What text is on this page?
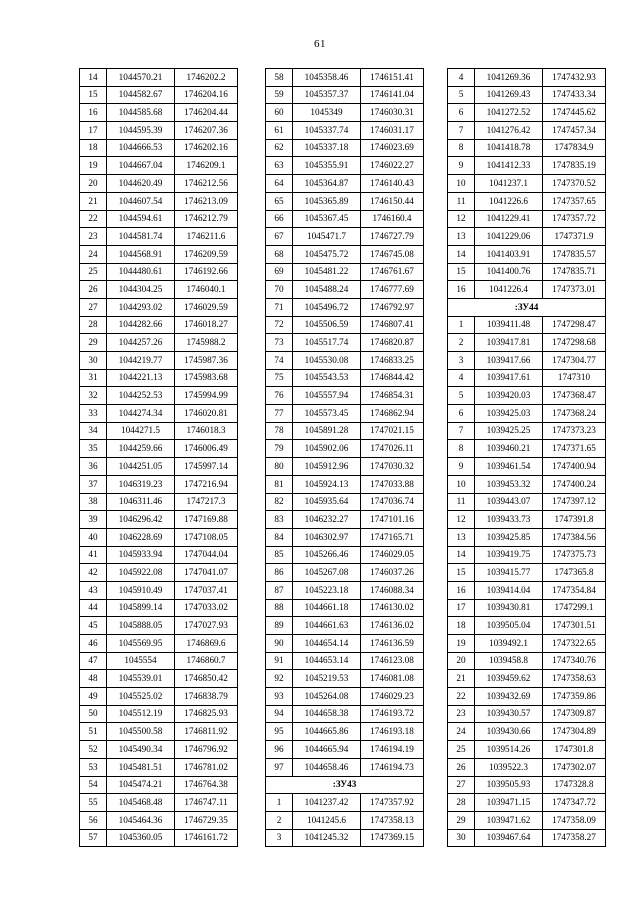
61
14	1044570.21	1746202.2
15	1044582.67	1746204.16
16	1044585.68	1746204.44
17	1044595.39	1746207.36
18	1044666.53	1746202.16
19	1044667.04	1746209.1
20	1044620.49	1746212.56
21	1044607.54	1746213.09
22	1044594.61	1746212.79
23	1044581.74	1746211.6
24	1044568.91	1746209.59
25	1044480.61	1746192.66
26	1044304.25	1746040.1
27	1044293.02	1746029.59
28	1044282.66	1746018.27
29	1044257.26	1745988.2
30	1044219.77	1745987.36
31	1044221.13	1745983.68
32	1044252.53	1745994.99
33	1044274.34	1746020.81
34	1044271.5	1746018.3
35	1044259.66	1746006.49
36	1044251.05	1745997.14
37	1046319.23	1747216.94
38	1046311.46	1747217.3
39	1046296.42	1747169.88
40	1046228.69	1747108.05
41	1045933.94	1747044.04
42	1045922.08	1747041.07
43	1045910.49	1747037.41
44	1045899.14	1747033.02
45	1045888.05	1747027.93
46	1045569.95	1746869.6
47	1045554	1746860.7
48	1045539.01	1746850.42
49	1045525.02	1746838.79
50	1045512.19	1746825.93
51	1045500.58	1746811.92
52	1045490.34	1746796.92
53	1045481.51	1746781.02
54	1045474.21	1746764.38
55	1045468.48	1746747.11
56	1045464.36	1746729.35
57	1045360.05	1746161.72
58	1045358.46	1746151.41
59	1045357.37	1746141.04
60	1045349	1746030.31
61	1045337.74	1746031.17
62	1045337.18	1746023.69
63	1045355.91	1746022.27
64	1045364.87	1746140.43
65	1045365.89	1746150.44
66	1045367.45	1746160.4
67	1045471.7	1746727.79
68	1045475.72	1746745.08
69	1045481.22	1746761.67
70	1045488.24	1746777.69
71	1045496.72	1746792.97
72	1045506.59	1746807.41
73	1045517.74	1746820.87
74	1045530.08	1746833.25
75	1045543.53	1746844.42
76	1045557.94	1746854.31
77	1045573.45	1746862.94
78	1045891.28	1747021.15
79	1045902.06	1747026.11
80	1045912.96	1747030.32
81	1045924.13	1747033.88
82	1045935.64	1747036.74
83	1046232.27	1747101.16
84	1046302.97	1747165.71
85	1045266.46	1746029.05
86	1045267.08	1746037.26
87	1045223.18	1746088.34
88	1044661.18	1746130.02
89	1044661.63	1746136.02
90	1044654.14	1746136.59
91	1044653.14	1746123.08
92	1045219.53	1746081.08
93	1045264.08	1746029.23
94	1044658.38	1746193.72
95	1044665.86	1746193.18
96	1044665.94	1746194.19
97	1044658.46	1746194.73
:ЗУ43		
1	1041237.42	1747357.92
2	1041245.6	1747358.13
3	1041245.32	1747369.15
4	1041269.36	1747432.93
5	1041269.43	1747433.34
6	1041272.52	1747445.62
7	1041276.42	1747457.34
8	1041418.78	1747834.9
9	1041412.33	1747835.19
10	1041237.1	1747370.52
11	1041226.6	1747357.65
12	1041229.41	1747357.72
13	1041229.06	1747371.9
14	1041403.91	1747835.57
15	1041400.76	1747835.71
16	1041226.4	1747373.01
:ЗУ44		
1	1039411.48	1747298.47
2	1039417.81	1747298.68
3	1039417.66	1747304.77
4	1039417.61	1747310
5	1039420.03	1747368.47
6	1039425.03	1747368.24
7	1039425.25	1747373.23
8	1039460.21	1747371.65
9	1039461.54	1747400.94
10	1039453.32	1747400.24
11	1039443.07	1747397.12
12	1039433.73	1747391.8
13	1039425.85	1747384.56
14	1039419.75	1747375.73
15	1039415.77	1747365.8
16	1039414.04	1747354.84
17	1039430.81	1747299.1
18	1039505.04	1747301.51
19	1039492.1	1747322.65
20	1039458.8	1747340.76
21	1039459.62	1747358.63
22	1039432.69	1747359.86
23	1039430.57	1747309.87
24	1039430.66	1747304.89
25	1039514.26	1747301.8
26	1039522.3	1747302.07
27	1039505.93	1747328.8
28	1039471.15	1747347.72
29	1039471.62	1747358.09
30	1039467.64	1747358.27
